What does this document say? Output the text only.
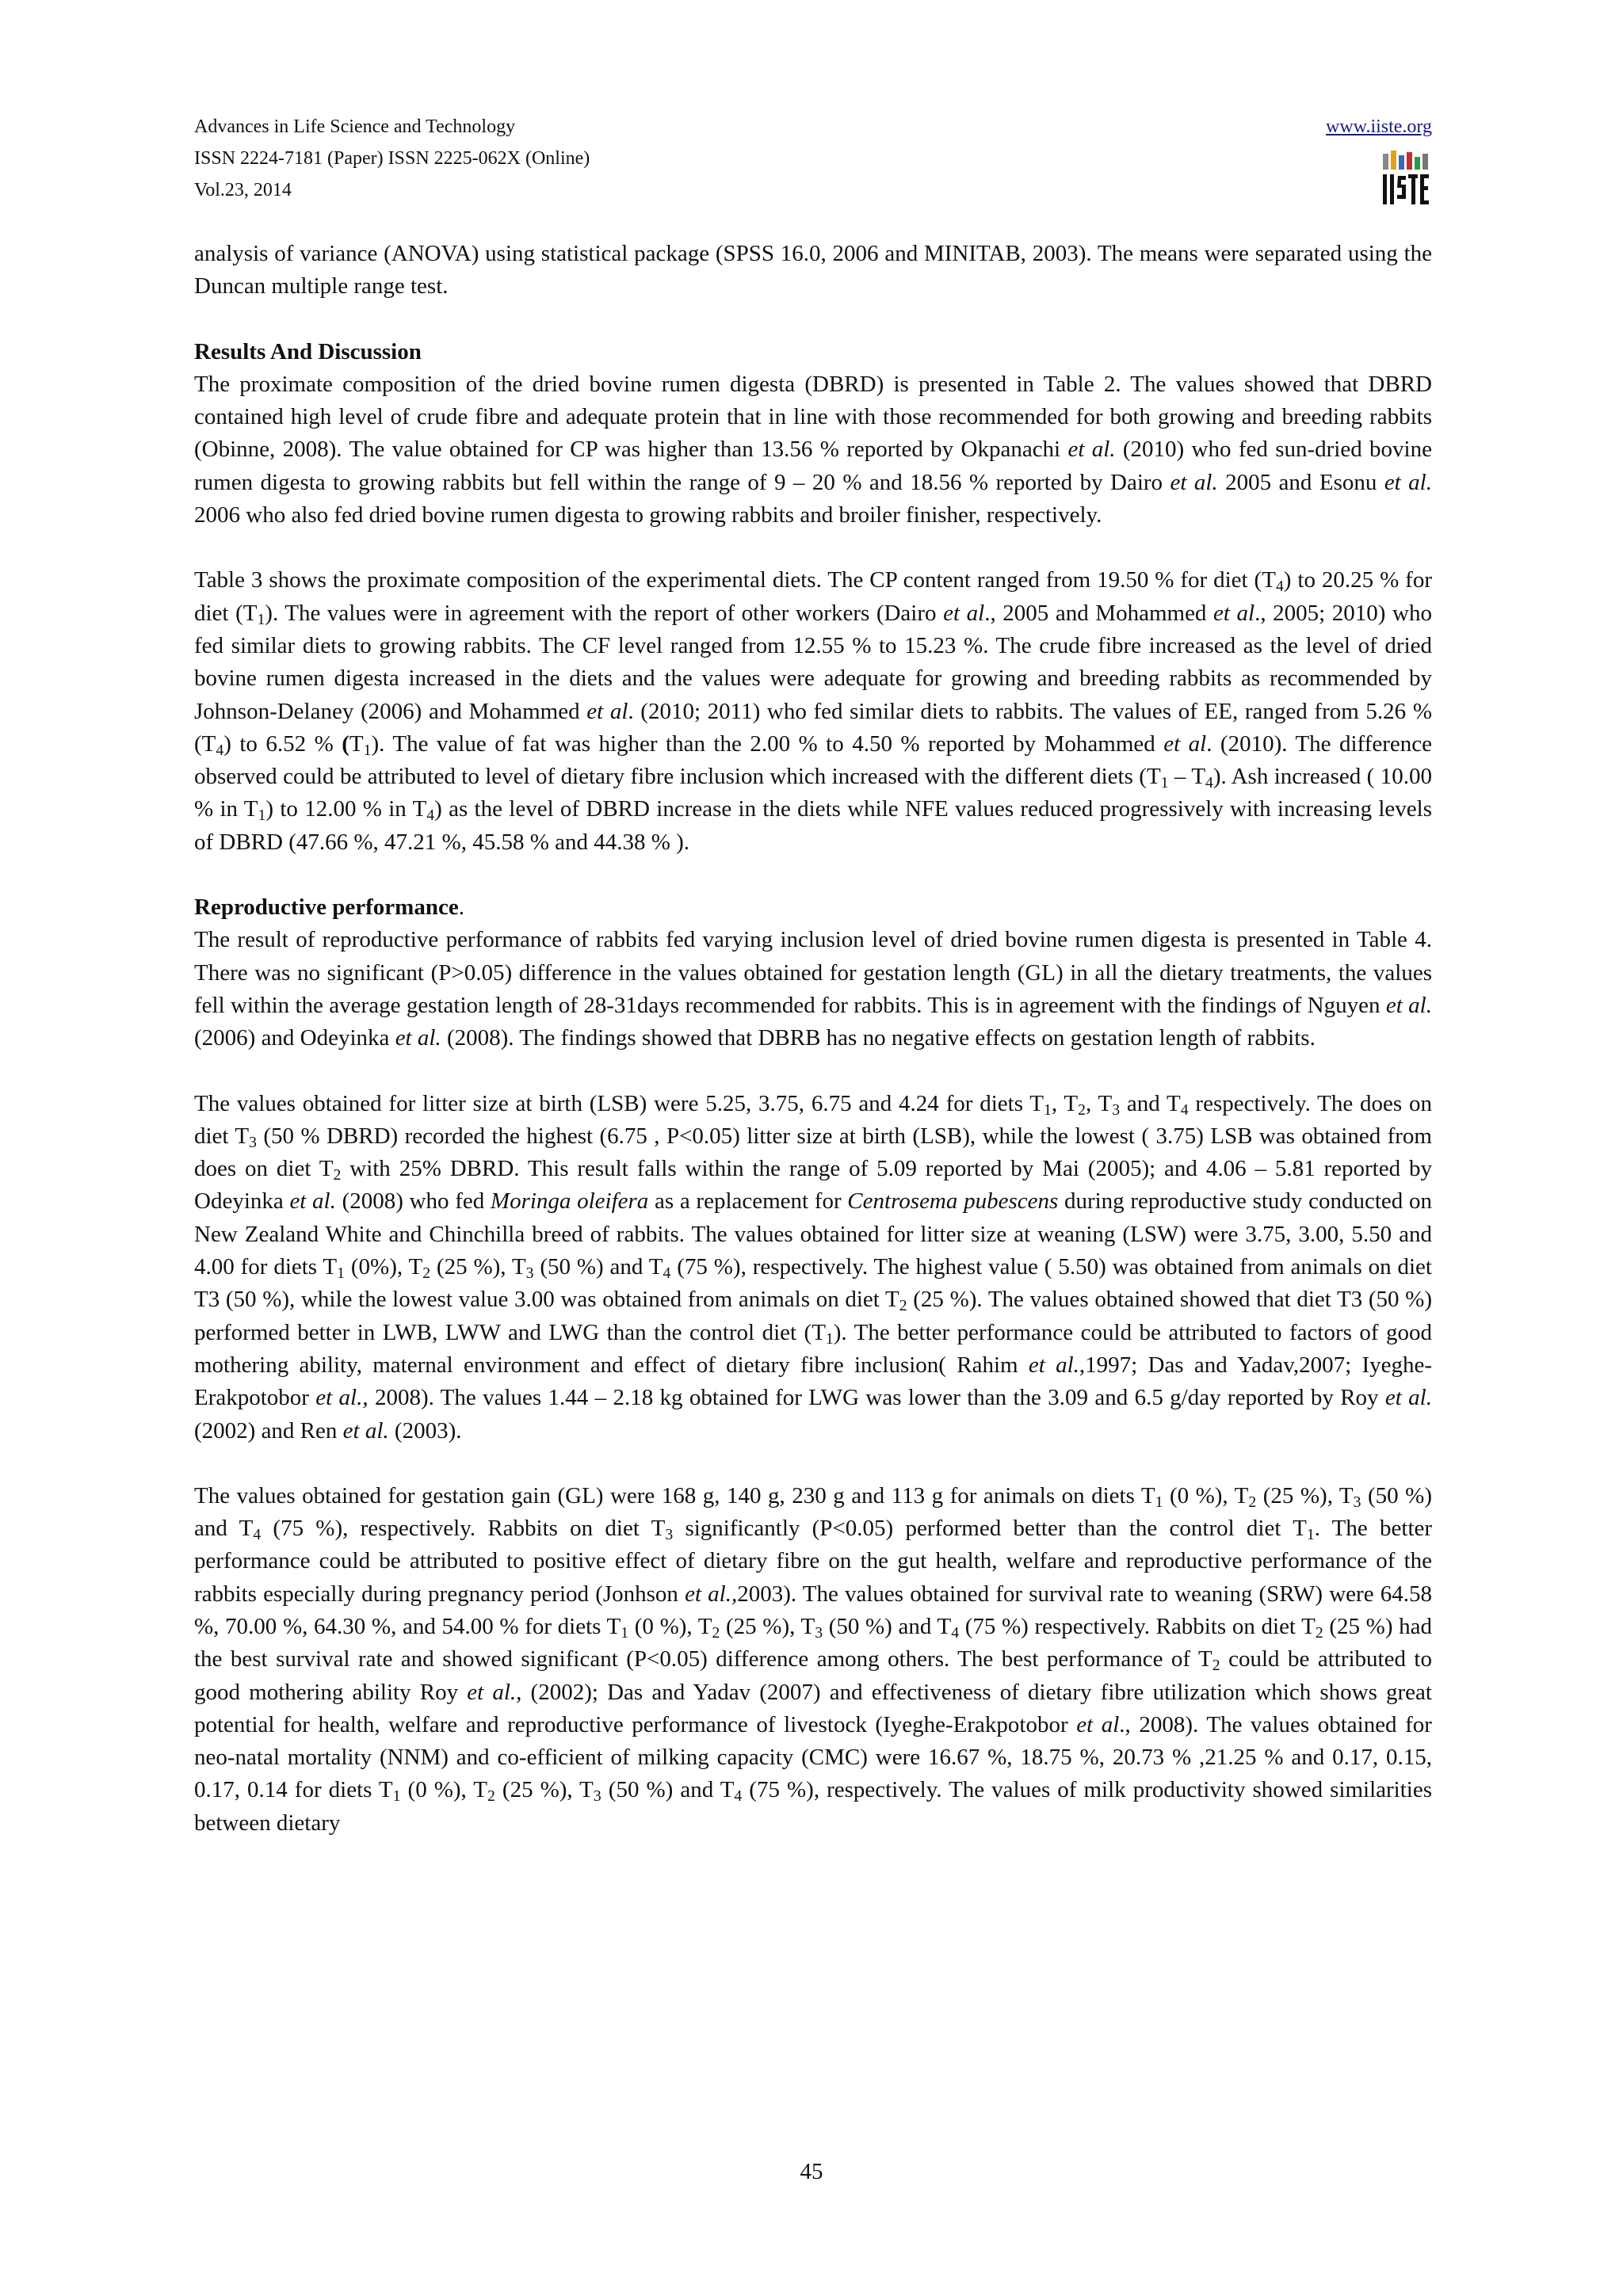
Advances in Life Science and Technology
ISSN 2224-7181 (Paper) ISSN 2225-062X (Online)
Vol.23, 2014
www.iiste.org

analysis of variance (ANOVA) using statistical package (SPSS 16.0, 2006 and MINITAB, 2003). The means were separated using the Duncan multiple range test.

Results And Discussion

The proximate composition of the dried bovine rumen digesta (DBRD) is presented in Table 2. The values showed that DBRD contained high level of crude fibre and adequate protein that in line with those recommended for both growing and breeding rabbits (Obinne, 2008). The value obtained for CP was higher than 13.56 % reported by Okpanachi et al. (2010) who fed sun-dried bovine rumen digesta to growing rabbits but fell within the range of 9 – 20 % and 18.56 % reported by Dairo et al. 2005 and Esonu et al. 2006 who also fed dried bovine rumen digesta to growing rabbits and broiler finisher, respectively.

Table 3 shows the proximate composition of the experimental diets. The CP content ranged from 19.50 % for diet $(T_4)$ to 20.25 % for diet $(T_1)$. The values were in agreement with the report of other workers (Dairo et al., 2005 and Mohammed et al., 2005; 2010) who fed similar diets to growing rabbits. The CF level ranged from 12.55 % to 15.23 %. The crude fibre increased as the level of dried bovine rumen digesta increased in the diets and the values were adequate for growing and breeding rabbits as recommended by Johnson-Delaney (2006) and Mohammed et al. (2010; 2011) who fed similar diets to rabbits. The values of EE, ranged from 5.26 % $(T_4)$ to 6.52 % $(T_1)$. The value of fat was higher than the 2.00 % to 4.50 % reported by Mohammed et al. (2010). The difference observed could be attributed to level of dietary fibre inclusion which increased with the different diets $(T_1 - T_4)$. Ash increased ( 10.00 % in $T_1$) to 12.00 % in $T_4$) as the level of DBRD increase in the diets while NFE values reduced progressively with increasing levels of DBRD (47.66 %, 47.21 %, 45.58 % and 44.38 % ).

Reproductive performance.

The result of reproductive performance of rabbits fed varying inclusion level of dried bovine rumen digesta is presented in Table 4. There was no significant (P>0.05) difference in the values obtained for gestation length (GL) in all the dietary treatments, the values fell within the average gestation length of 28-31days recommended for rabbits. This is in agreement with the findings of Nguyen et al. (2006) and Odeyinka et al. (2008). The findings showed that DBRB has no negative effects on gestation length of rabbits.

The values obtained for litter size at birth (LSB) were 5.25, 3.75, 6.75 and 4.24 for diets $T_1$, $T_2$, $T_3$ and $T_4$ respectively. The does on diet $T_3$ (50 % DBRD) recorded the highest (6.75 , P<0.05) litter size at birth (LSB), while the lowest ( 3.75) LSB was obtained from does on diet $T_2$ with 25% DBRD. This result falls within the range of 5.09 reported by Mai (2005); and 4.06 – 5.81 reported by Odeyinka et al. (2008) who fed Moringa oleifera as a replacement for Centrosema pubescens during reproductive study conducted on New Zealand White and Chinchilla breed of rabbits. The values obtained for litter size at weaning (LSW) were 3.75, 3.00, 5.50 and 4.00 for diets $T_1$ (0%), $T_2$ (25 %), $T_3$ (50 %) and $T_4$ (75 %), respectively. The highest value ( 5.50) was obtained from animals on diet T3 (50 %), while the lowest value 3.00 was obtained from animals on diet $T_2$ (25 %). The values obtained showed that diet T3 (50 %) performed better in LWB, LWW and LWG than the control diet $(T_1)$. The better performance could be attributed to factors of good mothering ability, maternal environment and effect of dietary fibre inclusion( Rahim et al.,1997; Das and Yadav,2007; Iyeghe-Erakpotobor et al., 2008). The values 1.44 – 2.18 kg obtained for LWG was lower than the 3.09 and 6.5 g/day reported by Roy et al. (2002) and Ren et al. (2003).

The values obtained for gestation gain (GL) were 168 g, 140 g, 230 g and 113 g for animals on diets $T_1$ (0 %), $T_2$ (25 %), $T_3$ (50 %) and $T_4$ (75 %), respectively. Rabbits on diet $T_3$ significantly (P<0.05) performed better than the control diet $T_1$. The better performance could be attributed to positive effect of dietary fibre on the gut health, welfare and reproductive performance of the rabbits especially during pregnancy period (Jonhson et al.,2003). The values obtained for survival rate to weaning (SRW) were 64.58 %, 70.00 %, 64.30 %, and 54.00 % for diets $T_1$ (0 %), $T_2$ (25 %), $T_3$ (50 %) and $T_4$ (75 %) respectively. Rabbits on diet $T_2$ (25 %) had the best survival rate and showed significant (P<0.05) difference among others. The best performance of $T_2$ could be attributed to good mothering ability Roy et al., (2002); Das and Yadav (2007) and effectiveness of dietary fibre utilization which shows great potential for health, welfare and reproductive performance of livestock (Iyeghe-Erakpotobor et al., 2008). The values obtained for neo-natal mortality (NNM) and co-efficient of milking capacity (CMC) were 16.67 %, 18.75 %, 20.73 % ,21.25 % and 0.17, 0.15, 0.17, 0.14 for diets $T_1$ (0 %), $T_2$ (25 %), $T_3$ (50 %) and $T_4$ (75 %), respectively. The values of milk productivity showed similarities between dietary

45
